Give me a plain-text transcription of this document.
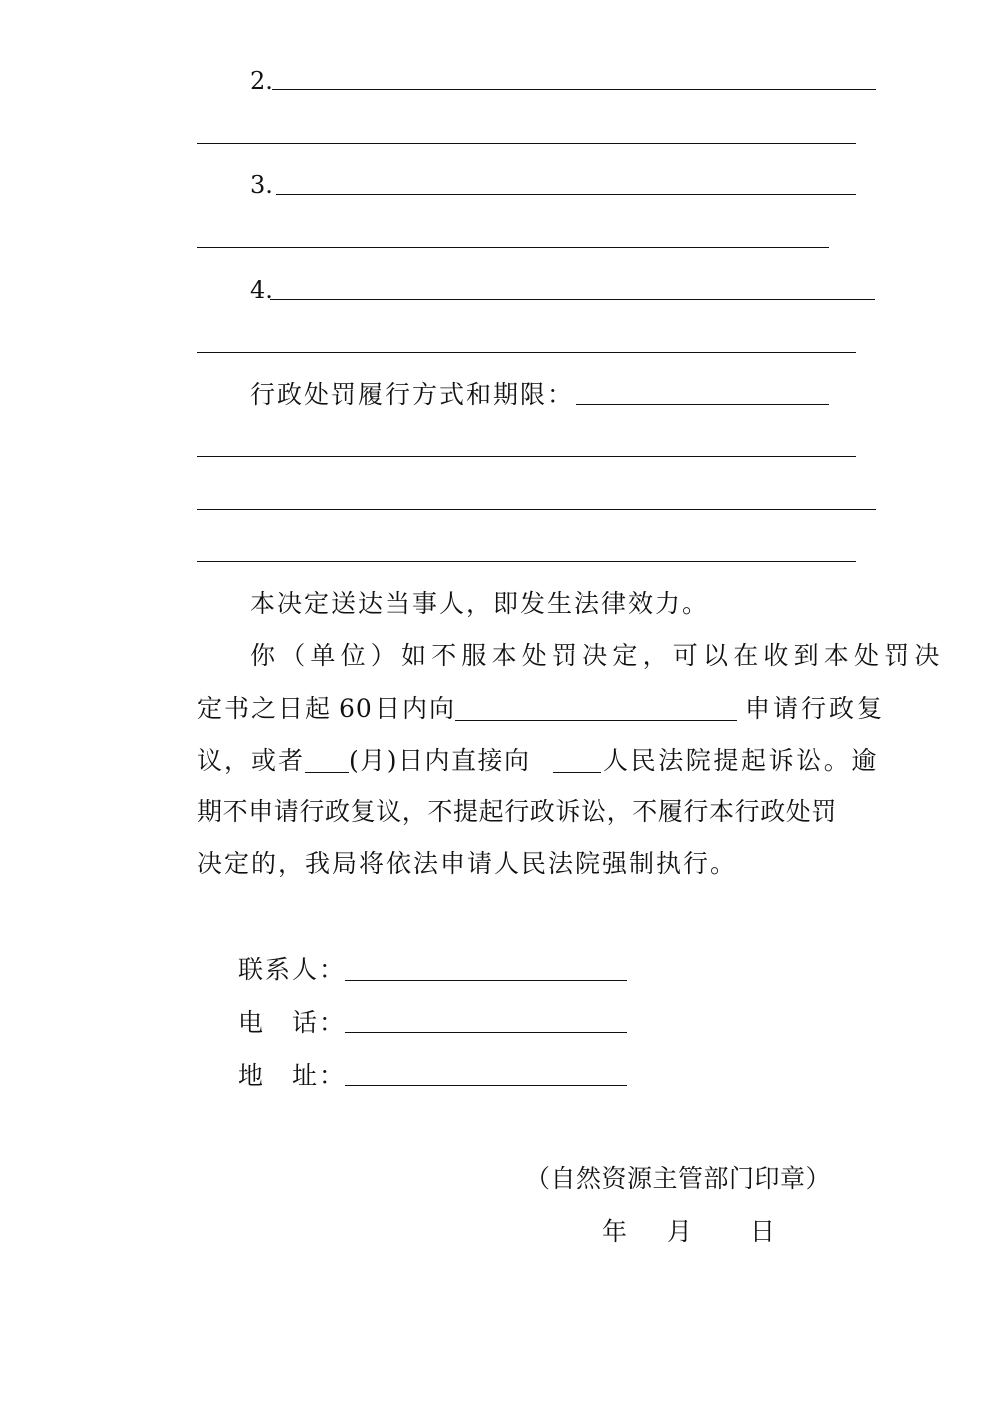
2.
3.
4.
行政处罚履行方式和期限：
本决定送达当事人，即发生法律效力。
你（单位）如不服本处罚决定，可以在收到本处罚决
定书之日起 60 日内向	申请行政复
议，或者 (月)日内直接向	人民法院提起诉讼。逾
期不申请行政复议，不提起行政诉讼，不履行本行政处罚
决定的，我局将依法申请人民法院强制执行。
联系人：
电　话：
地　址：
（自然资源主管部门印章）
年 月 日
